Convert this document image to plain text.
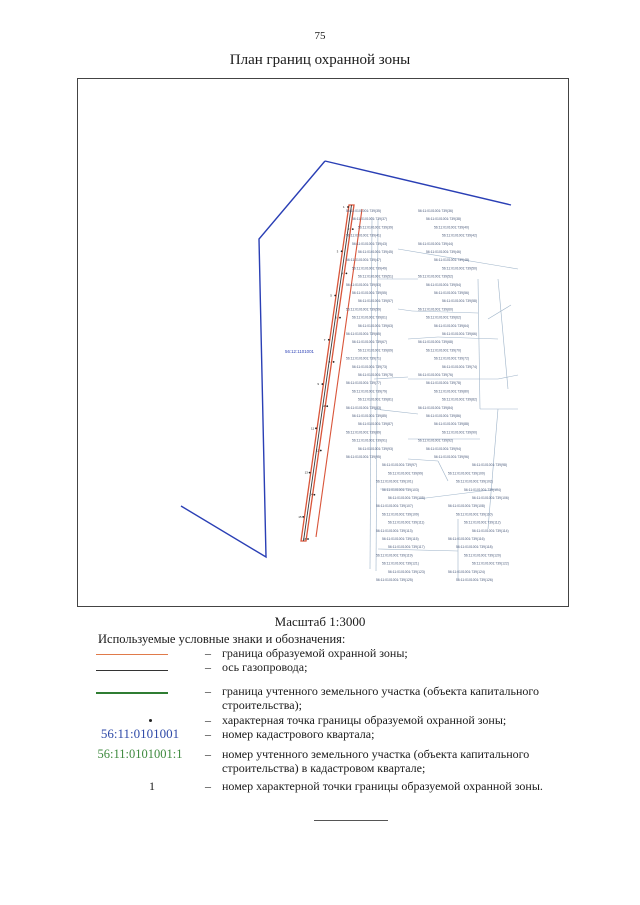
75
План границ охранной зоны
56:11:0101001:739(35)	56:11:0101001:739(36)
56:11:0101001:739(37)	56:11:0101001:739(38)
56:11:0101001:739(39)	56:11:0101001:739(40)
56:11:0101001:739(41)	56:11:0101001:739(42)
56:11:0101001:739(43)	56:11:0101001:739(44)
56:11:0101001:739(45)	56:11:0101001:739(46)
56:11:0101001:739(47)	56:11:0101001:739(48)
56:11:0101001:739(49)	56:11:0101001:739(50)
56:11:0101001:739(51)	56:11:0101001:739(52)
56:11:0101001:739(53)	56:11:0101001:739(54)
56:11:0101001:739(55)	56:11:0101001:739(56)
56:11:0101001:739(57)	56:11:0101001:739(58)
56:11:0101001:739(59)	56:11:0101001:739(60)
56:11:0101001:739(61)	56:11:0101001:739(62)
56:11:0101001:739(63)	56:11:0101001:739(64)
56:11:0101001:739(65)	56:11:0101001:739(66)
56:11:0101001:739(67)	56:11:0101001:739(68)
56:11:0101001:739(69)	56:11:0101001:739(70)
56:11:0101001:739(71)	56:11:0101001:739(72)
56:11:0101001:739(73)	56:11:0101001:739(74)
56:11:0101001:739(75)	56:11:0101001:739(76)
56:11:0101001:739(77)	56:11:0101001:739(78)
56:11:0101001:739(79)	56:11:0101001:739(80)
56:11:0101001:739(81)	56:11:0101001:739(82)
56:11:0101001:739(83)	56:11:0101001:739(84)
56:11:0101001:739(85)	56:11:0101001:739(86)
56:11:0101001:739(87)	56:11:0101001:739(88)
56:11:0101001:739(89)	56:11:0101001:739(90)
56:11:0101001:739(91)	56:11:0101001:739(92)
56:11:0101001:739(93)	56:11:0101001:739(94)
56:11:0101001:739(95)	56:11:0101001:739(96)
56:11:0101001:739(97)	56:11:0101001:739(98)
56:11:0101001:739(99)	56:11:0101001:739(100)
56:11:0101001:739(101)	56:11:0101001:739(102)
56:11:0101001:739(103)	56:11:0101001:739(104)
56:11:0101001:739(105)	56:11:0101001:739(106)
56:11:0101001:739(107)	56:11:0101001:739(108)
56:11:0101001:739(109)	56:11:0101001:739(110)
56:11:0101001:739(111)	56:11:0101001:739(112)
56:11:0101001:739(113)	56:11:0101001:739(114)
56:11:0101001:739(115)	56:11:0101001:739(116)
56:11:0101001:739(117)	56:11:0101001:739(118)
56:11:0101001:739(119)	56:11:0101001:739(120)
56:11:0101001:739(121)	56:11:0101001:739(122)
56:11:0101001:739(123)	56:11:0101001:739(124)
56:11:0101001:739(125)	56:11:0101001:739(126)
1
2
3
4
5
6
7
8
9
10
11
12
13
14
15
16
56:12:1101001
Масштаб 1:3000
Используемые условные знаки и обозначения:
– граница образуемой охранной зоны;
– ось газопровода;
– граница учтенного земельного участка (объекта капитального строительства);
– характерная точка границы образуемой охранной зоны;
56:11:0101001	– номер кадастрового квартала;
56:11:0101001:1	– номер учтенного земельного участка (объекта капитального строительства) в кадастровом квартале;
1	– номер характерной точки границы образуемой охранной зоны.
